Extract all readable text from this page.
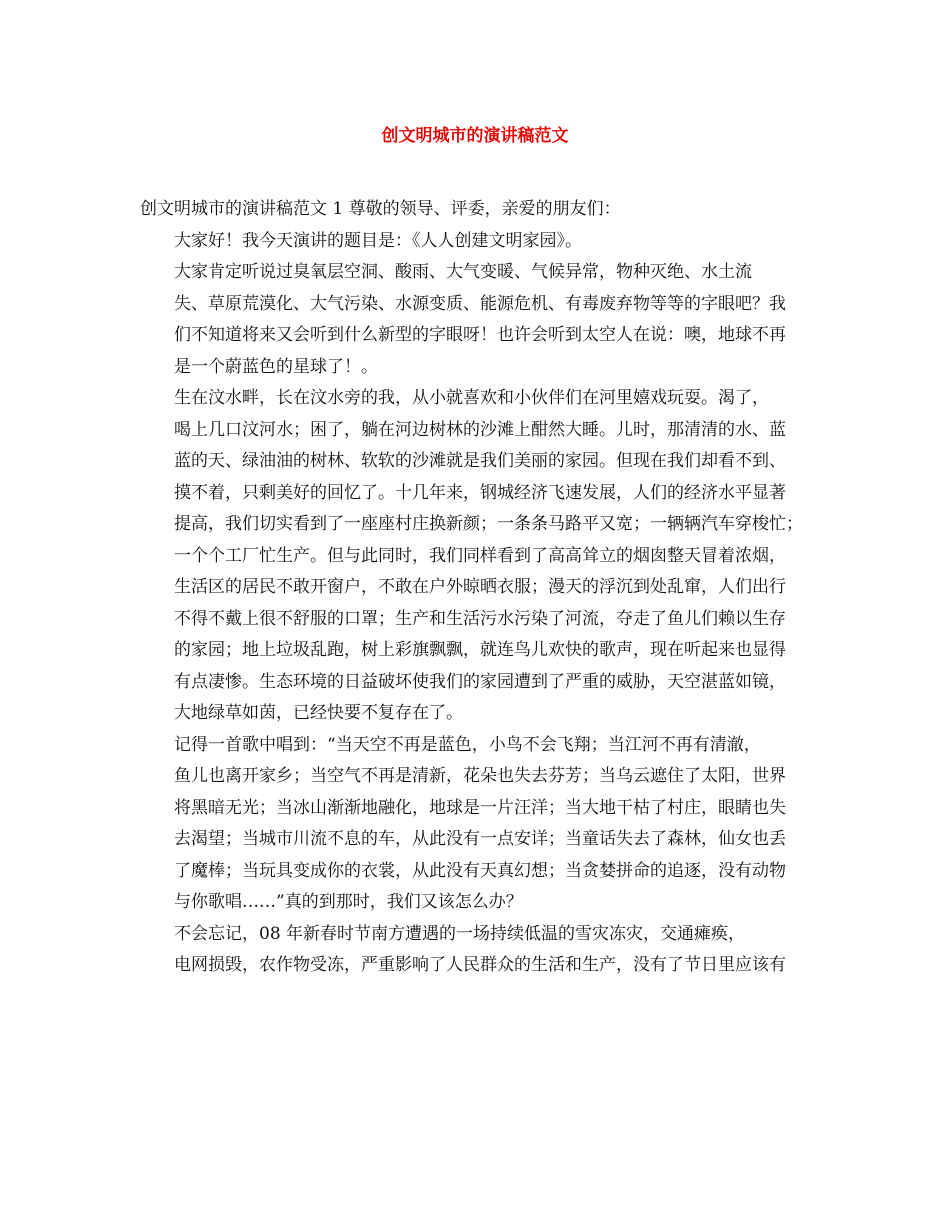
创文明城市的演讲稿范文

创文明城市的演讲稿范文 1 尊敬的领导、评委，亲爱的朋友们：

大家好！我今天演讲的题目是：《人人创建文明家园》。

大家肯定听说过臭氧层空洞、酸雨、大气变暖、气候异常，物种灭绝、水土流
失、草原荒漠化、大气污染、水源变质、能源危机、有毒废弃物等等的字眼吧？我
们不知道将来又会听到什么新型的字眼呀！也许会听到太空人在说：噢，地球不再
是一个蔚蓝色的星球了！。

生在汶水畔，长在汶水旁的我，从小就喜欢和小伙伴们在河里嬉戏玩耍。渴了，
喝上几口汶河水；困了，躺在河边树林的沙滩上酣然大睡。儿时，那清清的水、蓝
蓝的天、绿油油的树林、软软的沙滩就是我们美丽的家园。但现在我们却看不到、
摸不着，只剩美好的回忆了。十几年来，钢城经济飞速发展，人们的经济水平显著
提高，我们切实看到了一座座村庄换新颜；一条条马路平又宽；一辆辆汽车穿梭忙；
一个个工厂忙生产。但与此同时，我们同样看到了高高耸立的烟囱整天冒着浓烟，
生活区的居民不敢开窗户，不敢在户外晾晒衣服；漫天的浮沉到处乱窜，人们出行
不得不戴上很不舒服的口罩；生产和生活污水污染了河流，夺走了鱼儿们赖以生存
的家园；地上垃圾乱跑，树上彩旗飘飘，就连鸟儿欢快的歌声，现在听起来也显得
有点凄惨。生态环境的日益破坏使我们的家园遭到了严重的威胁，天空湛蓝如镜，
大地绿草如茵，已经快要不复存在了。

记得一首歌中唱到：“当天空不再是蓝色，小鸟不会飞翔；当江河不再有清澈，
鱼儿也离开家乡；当空气不再是清新，花朵也失去芬芳；当乌云遮住了太阳，世界
将黑暗无光；当冰山渐渐地融化，地球是一片汪洋；当大地干枯了村庄，眼睛也失
去渴望；当城市川流不息的车，从此没有一点安详；当童话失去了森林，仙女也丢
了魔棒；当玩具变成你的衣裳，从此没有天真幻想；当贪婪拼命的追逐，没有动物
与你歌唱……”真的到那时，我们又该怎么办？

不会忘记，08 年新春时节南方遭遇的一场持续低温的雪灾冻灾，交通瘫痪，
电网损毁，农作物受冻，严重影响了人民群众的生活和生产，没有了节日里应该有
